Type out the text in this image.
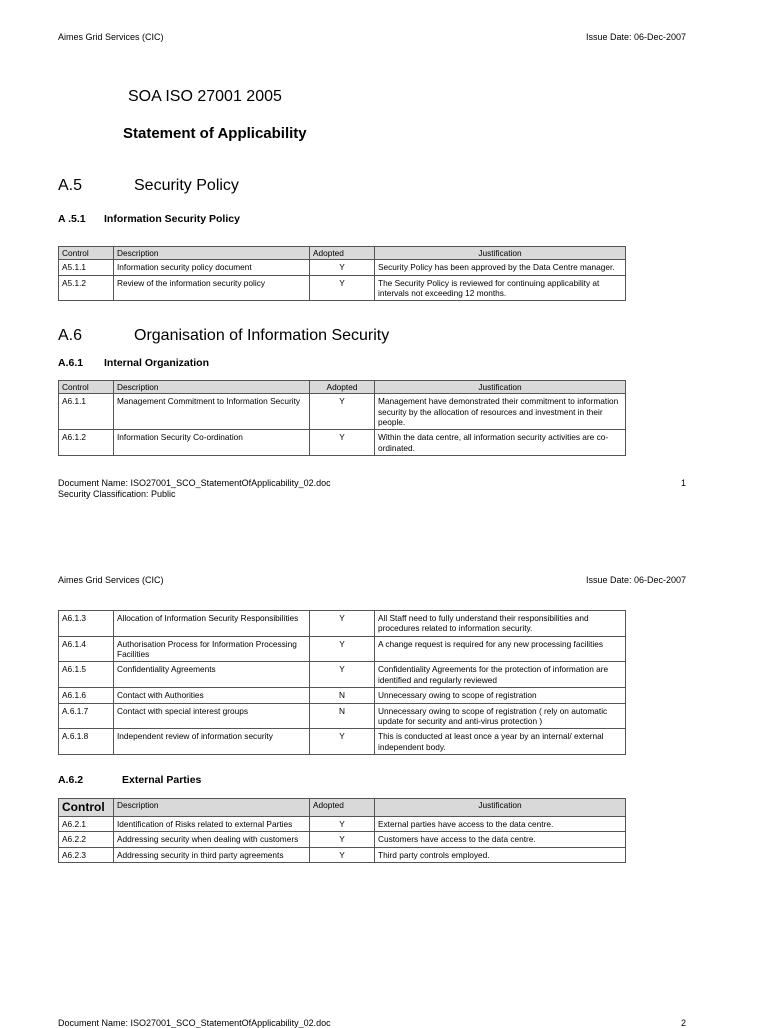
Aimes Grid Services (CIC)	Issue Date: 06-Dec-2007
SOA ISO 27001 2005
Statement of Applicability
A.5	Security Policy
A .5.1 Information Security Policy
Control	Description	Adopted	Justification
A5.1.1	Information security policy document	Y	Security Policy has been approved by the Data Centre manager.
A5.1.2	Review of the information security policy	Y	The Security Policy is reviewed for continuing applicability at intervals not exceeding 12 months.
A.6	Organisation of Information Security
A.6.1 Internal Organization
Control	Description	Adopted	Justification
A6.1.1	Management Commitment to Information Security	Y	Management have demonstrated their commitment to information security by the allocation of resources and investment in their people.
A6.1.2	Information Security Co-ordination	Y	Within the data centre, all information security activities are co-ordinated.
Document Name: ISO27001_SCO_StatementOfApplicability_02.doc
Security Classification: Public
1
Aimes Grid Services (CIC)	Issue Date: 06-Dec-2007
A6.1.3	Allocation of Information Security Responsibilities	Y	All Staff need to fully understand their responsibilities and procedures related to information security.
A6.1.4	Authorisation Process for Information Processing Facilities	Y	A change request is required for any new processing facilities
A6.1.5	Confidentiality Agreements	Y	Confidentiality Agreements for the protection of information are identified and regularly reviewed
A6.1.6	Contact with Authorities	N	Unnecessary owing to scope of registration
A.6.1.7	Contact with special interest groups	N	Unnecessary owing to scope of registration ( rely on automatic update for security and anti-virus protection )
A.6.1.8	Independent review of information security	Y	This is conducted at least once a year by an internal/ external independent body.
A.6.2	External Parties
Control	Description	Adopted	Justification
A6.2.1	Identification of Risks related to external Parties	Y	External parties have access to the data centre.
A6.2.2	Addressing security when dealing with customers	Y	Customers have access to the data centre.
A6.2.3	Addressing security in third party agreements	Y	Third party controls employed.
Document Name: ISO27001_SCO_StatementOfApplicability_02.doc	2
